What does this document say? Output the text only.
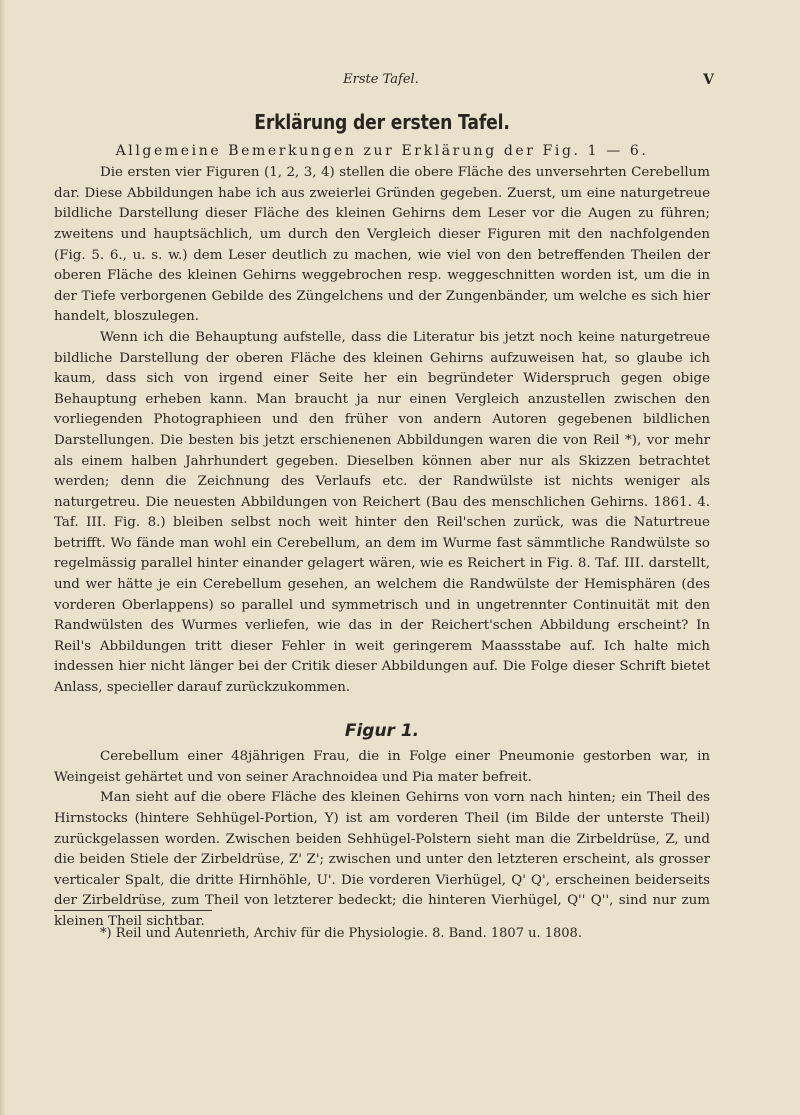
Erste Tafel.	V
Erklärung der ersten Tafel.
Allgemeine Bemerkungen zur Erklärung der Fig. 1 — 6.

Die ersten vier Figuren (1, 2, 3, 4) stellen die obere Fläche des unversehrten Cerebellum dar. Diese Abbildungen habe ich aus zweierlei Gründen gegeben. Zuerst, um eine naturgetreue bildliche Darstellung dieser Fläche des kleinen Gehirns dem Leser vor die Augen zu führen; zweitens und hauptsächlich, um durch den Vergleich dieser Figuren mit den nachfolgenden (Fig. 5. 6., u. s. w.) dem Leser deutlich zu machen, wie viel von den betreffenden Theilen der oberen Fläche des kleinen Gehirns weggebrochen resp. weggeschnitten worden ist, um die in der Tiefe verborgenen Gebilde des Züngelchens und der Zungenbänder, um welche es sich hier handelt, bloszulegen.

Wenn ich die Behauptung aufstelle, dass die Literatur bis jetzt noch keine naturgetreue bildliche Darstellung der oberen Fläche des kleinen Gehirns aufzuweisen hat, so glaube ich kaum, dass sich von irgend einer Seite her ein begründeter Widerspruch gegen obige Behauptung erheben kann. Man braucht ja nur einen Vergleich anzustellen zwischen den vorliegenden Photographieen und den früher von andern Autoren gegebenen bildlichen Darstellungen. Die besten bis jetzt erschienenen Abbildungen waren die von Reil *), vor mehr als einem halben Jahrhundert gegeben. Dieselben können aber nur als Skizzen betrachtet werden; denn die Zeichnung des Verlaufs etc. der Randwülste ist nichts weniger als naturgetreu. Die neuesten Abbildungen von Reichert (Bau des menschlichen Gehirns. 1861. 4. Taf. III. Fig. 8.) bleiben selbst noch weit hinter den Reil'schen zurück, was die Naturtreue betrifft. Wo fände man wohl ein Cerebellum, an dem im Wurme fast sämmtliche Randwülste so regelmässig parallel hinter einander gelagert wären, wie es Reichert in Fig. 8. Taf. III. darstellt, und wer hätte je ein Cerebellum gesehen, an welchem die Randwülste der Hemisphären (des vorderen Oberlappens) so parallel und symmetrisch und in ungetrennter Continuität mit den Randwülsten des Wurmes verliefen, wie das in der Reichert'schen Abbildung erscheint? In Reil's Abbildungen tritt dieser Fehler in weit geringerem Maassstabe auf. Ich halte mich indessen hier nicht länger bei der Critik dieser Abbildungen auf. Die Folge dieser Schrift bietet Anlass, specieller darauf zurückzukommen.

Figur 1.

Cerebellum einer 48jährigen Frau, die in Folge einer Pneumonie gestorben war, in Weingeist gehärtet und von seiner Arachnoidea und Pia mater befreit.

Man sieht auf die obere Fläche des kleinen Gehirns von vorn nach hinten; ein Theil des Hirnstocks (hintere Sehhügel-Portion, Y) ist am vorderen Theil (im Bilde der unterste Theil) zurückgelassen worden. Zwischen beiden Sehhügel-Polstern sieht man die Zirbeldrüse, Z, und die beiden Stiele der Zirbeldrüse, Z' Z'; zwischen und unter den letzteren erscheint, als grosser verticaler Spalt, die dritte Hirnhöhle, U'. Die vorderen Vierhügel, Q' Q', erscheinen beiderseits der Zirbeldrüse, zum Theil von letzterer bedeckt; die hinteren Vierhügel, Q'' Q'', sind nur zum kleinen Theil sichtbar.

*) Reil und Autenrieth, Archiv für die Physiologie. 8. Band. 1807 u. 1808.
